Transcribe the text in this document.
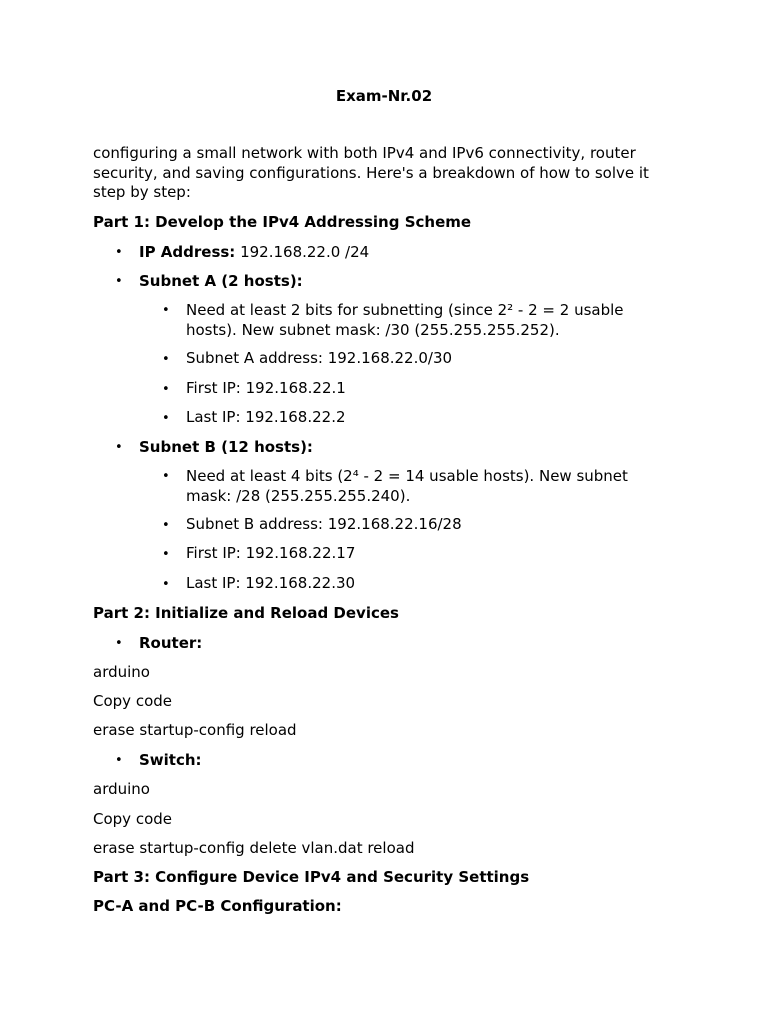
Exam-Nr.02
configuring a small network with both IPv4 and IPv6 connectivity, router security, and saving configurations. Here's a breakdown of how to solve it step by step:
Part 1: Develop the IPv4 Addressing Scheme
• IP Address: 192.168.22.0 /24
• Subnet A (2 hosts):
• Need at least 2 bits for subnetting (since 2² - 2 = 2 usable hosts). New subnet mask: /30 (255.255.255.252).
• Subnet A address: 192.168.22.0/30
• First IP: 192.168.22.1
• Last IP: 192.168.22.2
• Subnet B (12 hosts):
• Need at least 4 bits (2⁴ - 2 = 14 usable hosts). New subnet mask: /28 (255.255.255.240).
• Subnet B address: 192.168.22.16/28
• First IP: 192.168.22.17
• Last IP: 192.168.22.30
Part 2: Initialize and Reload Devices
• Router:
arduino
Copy code
erase startup-config reload
• Switch:
arduino
Copy code
erase startup-config delete vlan.dat reload
Part 3: Configure Device IPv4 and Security Settings
PC-A and PC-B Configuration:
